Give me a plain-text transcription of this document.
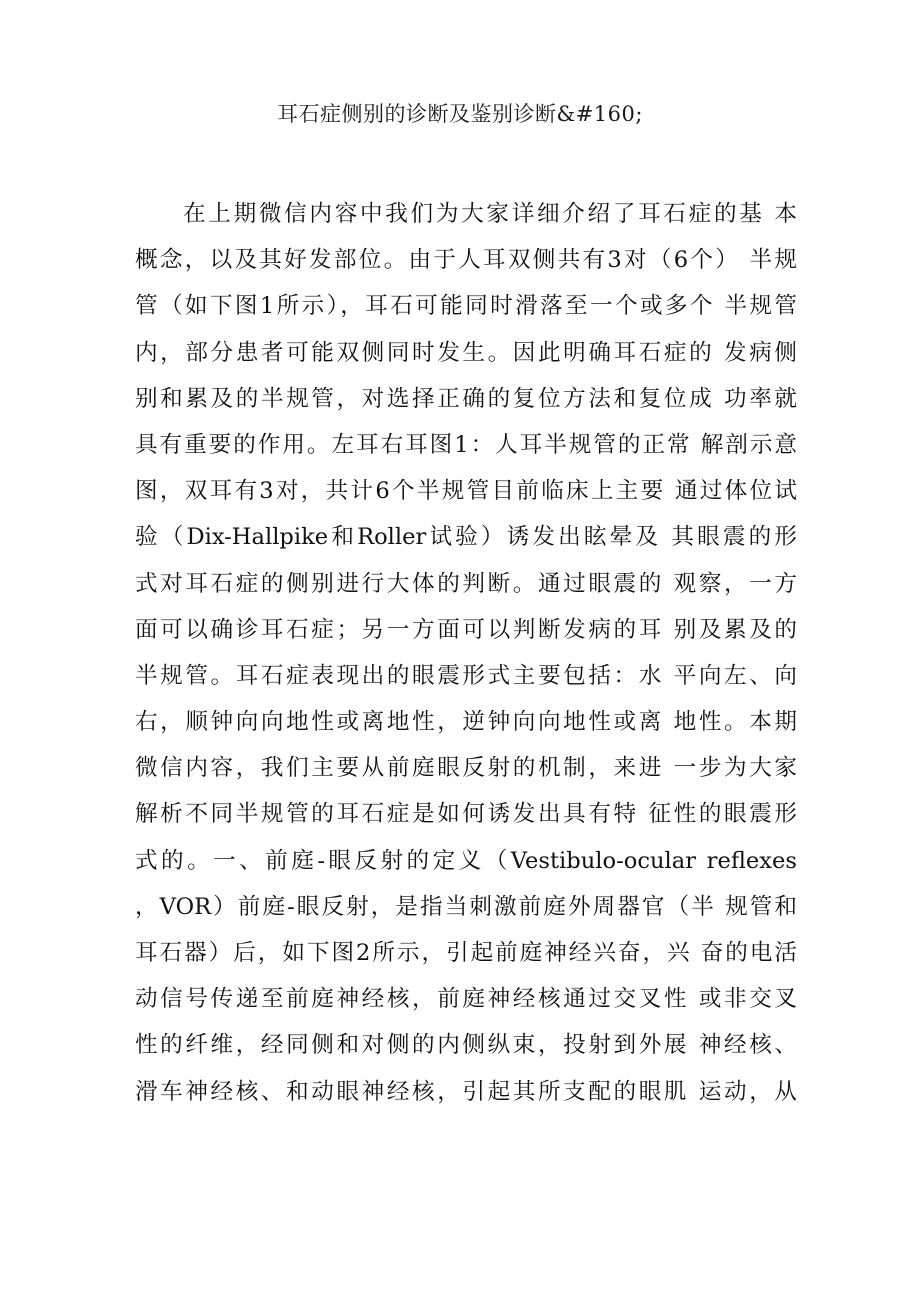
耳石症侧别的诊断及鉴别诊断&#160;
在上期微信内容中我们为大家详细介绍了耳石症的基 本
概念，以及其好发部位。由于人耳双侧共有3对（6个） 半规
管（如下图1所示），耳石可能同时滑落至一个或多个 半规管
内，部分患者可能双侧同时发生。因此明确耳石症的 发病侧
别和累及的半规管，对选择正确的复位方法和复位成 功率就
具有重要的作用。左耳右耳图1：人耳半规管的正常 解剖示意
图，双耳有3对，共计6个半规管目前临床上主要 通过体位试
验（Dix-Hallpike和Roller试验）诱发出眩晕及 其眼震的形
式对耳石症的侧别进行大体的判断。通过眼震的 观察，一方
面可以确诊耳石症；另一方面可以判断发病的耳 别及累及的
半规管。耳石症表现出的眼震形式主要包括：水 平向左、向
右，顺钟向向地性或离地性，逆钟向向地性或离 地性。本期
微信内容，我们主要从前庭眼反射的机制，来进 一步为大家
解析不同半规管的耳石症是如何诱发出具有特 征性的眼震形
式的。一、前庭-眼反射的定义（Vestibulo-ocular reflexes
，VOR）前庭-眼反射，是指当刺激前庭外周器官（半 规管和
耳石器）后，如下图2所示，引起前庭神经兴奋，兴 奋的电活
动信号传递至前庭神经核，前庭神经核通过交叉性 或非交叉
性的纤维，经同侧和对侧的内侧纵束，投射到外展 神经核、
滑车神经核、和动眼神经核，引起其所支配的眼肌 运动，从
